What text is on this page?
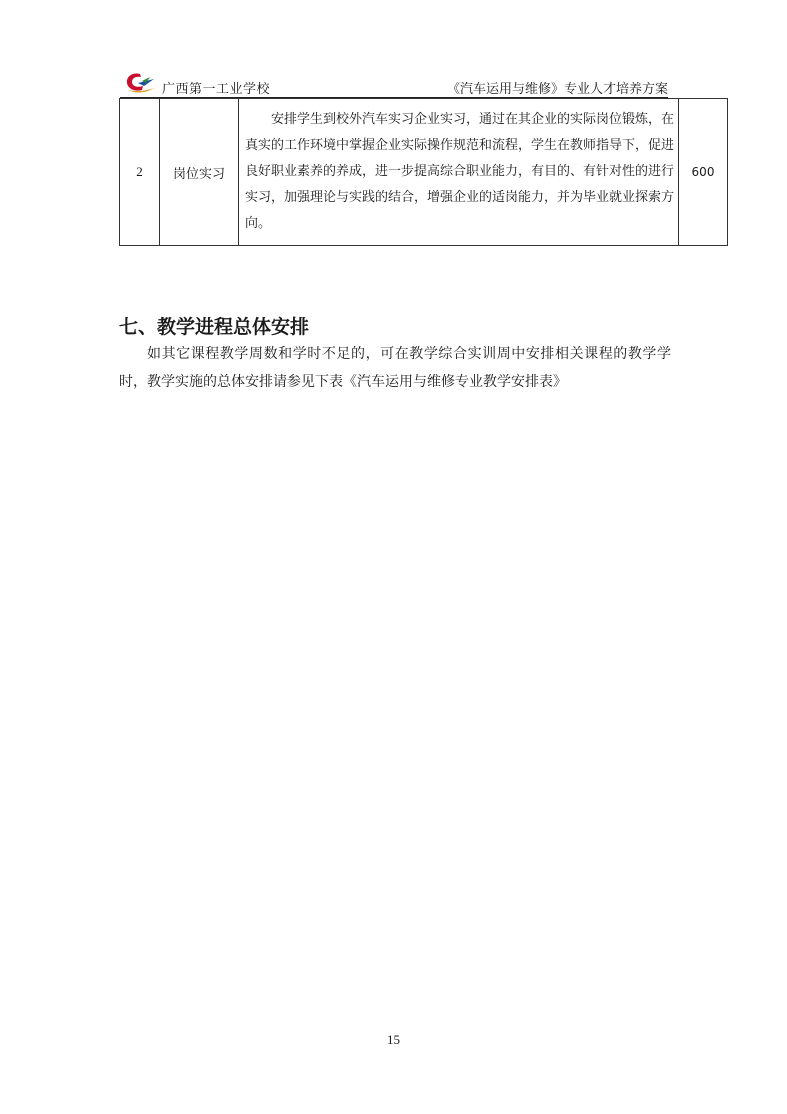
广西第一工业学校	《汽车运用与维修》专业人才培养方案
2	岗位实习	安排学生到校外汽车实习企业实习，通过在其企业的实际岗位锻炼，在真实的工作环境中掌握企业实际操作规范和流程，学生在教师指导下，促进良好职业素养的养成，进一步提高综合职业能力，有目的、有针对性的进行实习，加强理论与实践的结合，增强企业的适岗能力，并为毕业就业探索方向。	600
七、教学进程总体安排
如其它课程教学周数和学时不足的，可在教学综合实训周中安排相关课程的教学学时，教学实施的总体安排请参见下表《汽车运用与维修专业教学安排表》
15
